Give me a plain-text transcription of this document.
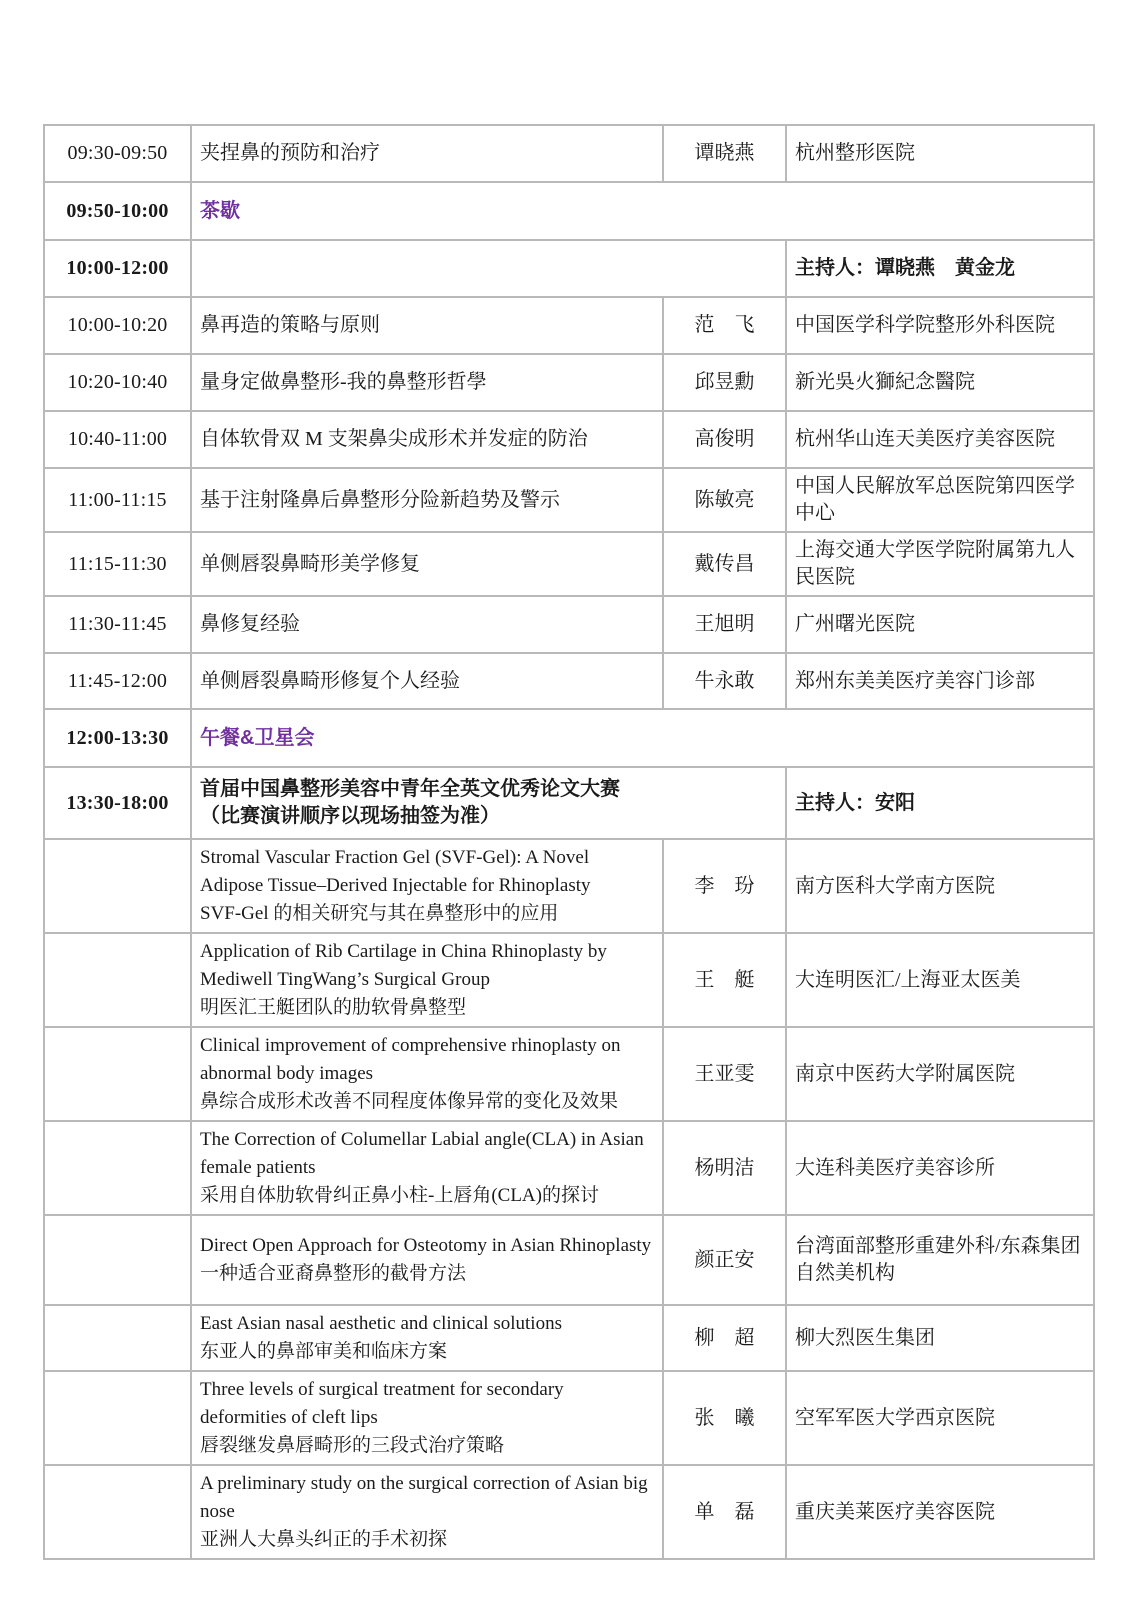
09:30-09:50	夹捏鼻的预防和治疗	谭晓燕	杭州整形医院
09:50-10:00	茶歇		
10:00-12:00			主持人：谭晓燕　黄金龙
10:00-10:20	鼻再造的策略与原则	范　飞	中国医学科学院整形外科医院
10:20-10:40	量身定做鼻整形-我的鼻整形哲學	邱昱勳	新光吳火獅紀念醫院
10:40-11:00	自体软骨双 M 支架鼻尖成形术并发症的防治	高俊明	杭州华山连天美医疗美容医院
11:00-11:15	基于注射隆鼻后鼻整形分险新趋势及警示	陈敏亮	中国人民解放军总医院第四医学中心
11:15-11:30	单侧唇裂鼻畸形美学修复	戴传昌	上海交通大学医学院附属第九人民医院
11:30-11:45	鼻修复经验	王旭明	广州曙光医院
11:45-12:00	单侧唇裂鼻畸形修复个人经验	牛永敢	郑州东美美医疗美容门诊部
12:00-13:30	午餐&卫星会		
13:30-18:00	首届中国鼻整形美容中青年全英文优秀论文大赛
（比赛演讲顺序以现场抽签为准）		主持人：安阳

	Stromal Vascular Fraction Gel (SVF-Gel): A Novel Adipose Tissue–Derived Injectable for Rhinoplasty
SVF-Gel 的相关研究与其在鼻整形中的应用	李　玢	南方医科大学南方医院

	Application of Rib Cartilage in China Rhinoplasty by Mediwell TingWang’s Surgical Group
明医汇王艇团队的肋软骨鼻整型	王　艇	大连明医汇/上海亚太医美

	Clinical improvement of comprehensive rhinoplasty on abnormal body images
鼻综合成形术改善不同程度体像异常的变化及效果	王亚雯	南京中医药大学附属医院

	The Correction of Columellar Labial angle(CLA) in Asian female patients
采用自体肋软骨纠正鼻小柱-上唇角(CLA)的探讨	杨明洁	大连科美医疗美容诊所

	Direct Open Approach for Osteotomy in Asian Rhinoplasty
一种适合亚裔鼻整形的截骨方法	颜正安	台湾面部整形重建外科/东森集团自然美机构

	East Asian nasal aesthetic and clinical solutions
东亚人的鼻部审美和临床方案	柳　超	柳大烈医生集团

	Three levels of surgical treatment for secondary deformities of cleft lips
唇裂继发鼻唇畸形的三段式治疗策略	张　曦	空军军医大学西京医院

	A preliminary study on the surgical correction of Asian big nose
亚洲人大鼻头纠正的手术初探	单　磊	重庆美莱医疗美容医院
